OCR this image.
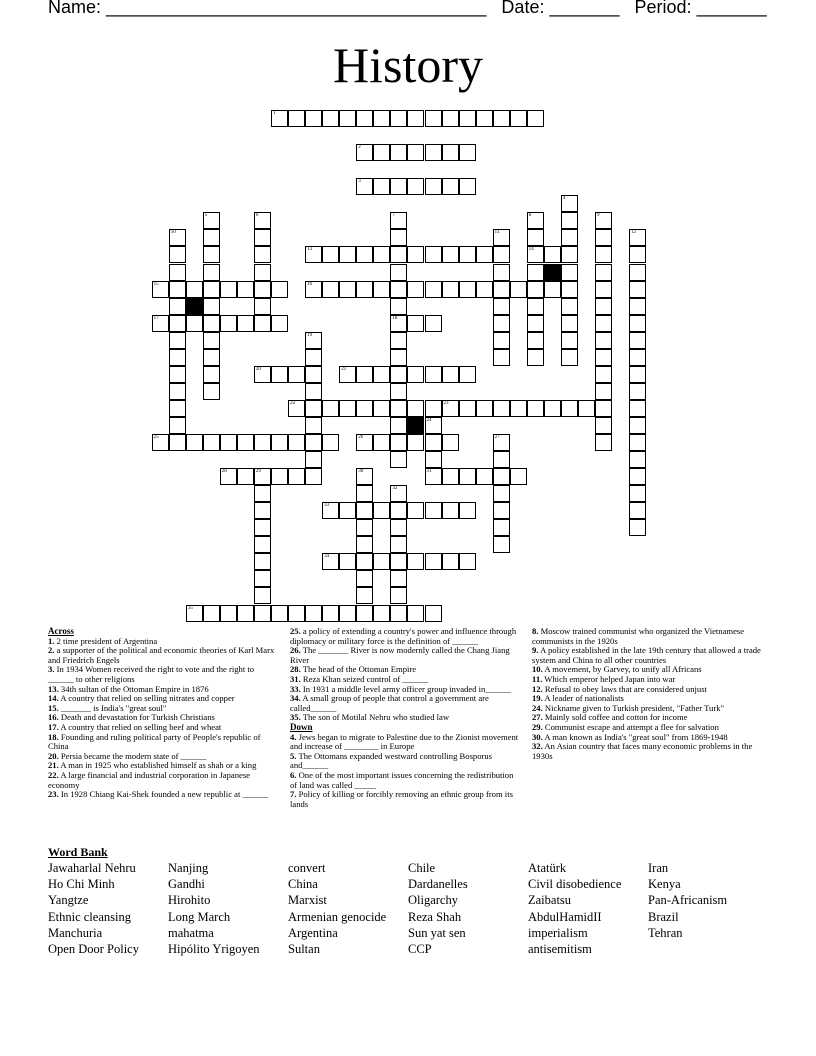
Name: ______________________________________   Date: _______   Period: _______
History
1
2
3
4
5	6	7
18
8
14
9
10	11	12
13
15	16
17
19
20	21
22	23
24
25	26	27
28	29	30	31
32
33
34
35

Across

1. 2 time president of Argentina

2. a supporter of the political and economic theories of Karl Marx and Friedrich Engels

3. In 1934 Women received the right to vote and the right to ______ to other religions

13. 34th sultan of the Ottoman Empire in 1876

14. A country that relied on selling nitrates and copper

15. _______ is India's "great soul"

16. Death and devastation for Turkish Christians

17. A country that relied on selling beef and wheat

18. Founding and ruling political party of People's republic of China

20. Persia became the modern state of ______

21. A man in 1925 who established himself as shah or a king

22. A large financial and industrial corporation in Japanese economy

23. In 1928 Chiang Kai-Shek founded a new republic at ______

25. a policy of extending a country's power and influence through diplomacy or military force is the definition of ______

26. The _______ River is now modernly called the Chang Jiang River

28. The head of the Ottoman Empire

31. Reza Khan seized control of ______

33. In 1931 a middle level army officer group invaded in______

34. A small group of people that control a government are called______

35. The son of Motilal Nehru who studied law

Down

4. Jews began to migrate to Palestine due to the Zionist movement and increase of ________ in Europe

5. The Ottomans expanded westward controlling Bosporus and______

6. One of the most important issues concerning the redistribution of land was called _____

7. Policy of killing or forcibly removing an ethnic group from its lands

8. Moscow trained communist who organized the Vietnamese communists in the 1920s

9. A policy established in the late 19th century that allowed a trade system and China to all other countries

10. A movement, by Garvey, to unify all Africans

11. Which emperor helped Japan into war

12. Refusal to obey laws that are considered unjust

19. A leader of nationalists

24. Nickname given to Turkish president, "Father Turk"

27. Mainly sold coffee and cotton for income

29. Communist escape and attempt a flee for salvation

30. A man known as India's "great soul" from 1869-1948

32. An Asian country that faces many economic problems in the 1930s

Word Bank
Jawaharlal Nehru
Ho Chi Minh
Yangtze
Ethnic cleansing
Manchuria
Open Door Policy
Nanjing
Gandhi
Hirohito
Long March
mahatma
Hipólito Yrigoyen
convert
China
Marxist
Armenian genocide
Argentina
Sultan
Chile
Dardanelles
Oligarchy
Reza Shah
Sun yat sen
CCP
Atatürk
Civil disobedience
Zaibatsu
AbdulHamidII
imperialism
antisemitism
Iran
Kenya
Pan-Africanism
Brazil
Tehran
